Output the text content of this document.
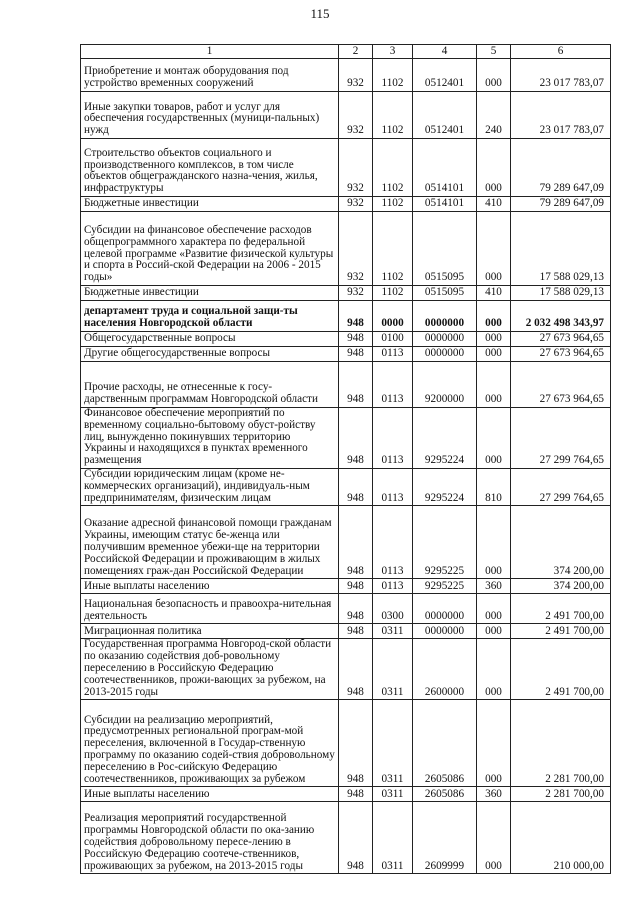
115
1	2	3	4	5	6
Приобретение и монтаж оборудования под устройство временных сооружений	932	1102	0512401	000	23 017 783,07
Иные закупки товаров, работ и услуг для обеспечения государственных (муници-пальных) нужд	932	1102	0512401	240	23 017 783,07
Строительство объектов социального и производственного комплексов, в том числе объектов общегражданского назна-чения, жилья, инфраструктуры	932	1102	0514101	000	79 289 647,09
Бюджетные инвестиции	932	1102	0514101	410	79 289 647,09
Субсидии на финансовое обеспечение расходов общепрограммного характера по федеральной целевой программе «Развитие физической культуры и спорта в Россий-ской Федерации на 2006 - 2015 годы»	932	1102	0515095	000	17 588 029,13
Бюджетные инвестиции	932	1102	0515095	410	17 588 029,13
департамент труда и социальной защи-ты населения Новгородской области	948	0000	0000000	000	2 032 498 343,97
Общегосударственные вопросы	948	0100	0000000	000	27 673 964,65
Другие общегосударственные вопросы	948	0113	0000000	000	27 673 964,65
Прочие расходы, не отнесенные к госу-дарственным программам Новгородской области	948	0113	9200000	000	27 673 964,65
Финансовое обеспечение мероприятий по временному социально-бытовому обуст-ройству лиц, вынужденно покинувших территорию Украины и находящихся в пунктах временного размещения	948	0113	9295224	000	27 299 764,65
Субсидии юридическим лицам (кроме не-коммерческих организаций), индивидуаль-ным предпринимателям, физическим лицам	948	0113	9295224	810	27 299 764,65
Оказание адресной финансовой помощи гражданам Украины, имеющим статус бе-женца или получившим временное убежи-ще на территории Российской Федерации и проживающим в жилых помещениях граж-дан Российской Федерации	948	0113	9295225	000	374 200,00
Иные выплаты населению	948	0113	9295225	360	374 200,00
Национальная безопасность и правоохра-нительная деятельность	948	0300	0000000	000	2 491 700,00
Миграционная политика	948	0311	0000000	000	2 491 700,00
Государственная программа Новгород-ской области по оказанию содействия доб-ровольному переселению в Российскую Федерацию соотечественников, прожи-вающих за рубежом, на 2013-2015 годы	948	0311	2600000	000	2 491 700,00
Субсидии на реализацию мероприятий, предусмотренных региональной програм-мой переселения, включенной в Государ-ственную программу по оказанию содей-ствия добровольному переселению в Рос-сийскую Федерацию соотечественников, проживающих за рубежом	948	0311	2605086	000	2 281 700,00
Иные выплаты населению	948	0311	2605086	360	2 281 700,00
Реализация мероприятий государственной программы Новгородской области по ока-занию содействия добровольному пересе-лению в Российскую Федерацию соотече-ственников, проживающих за рубежом, на 2013-2015 годы	948	0311	2609999	000	210 000,00
